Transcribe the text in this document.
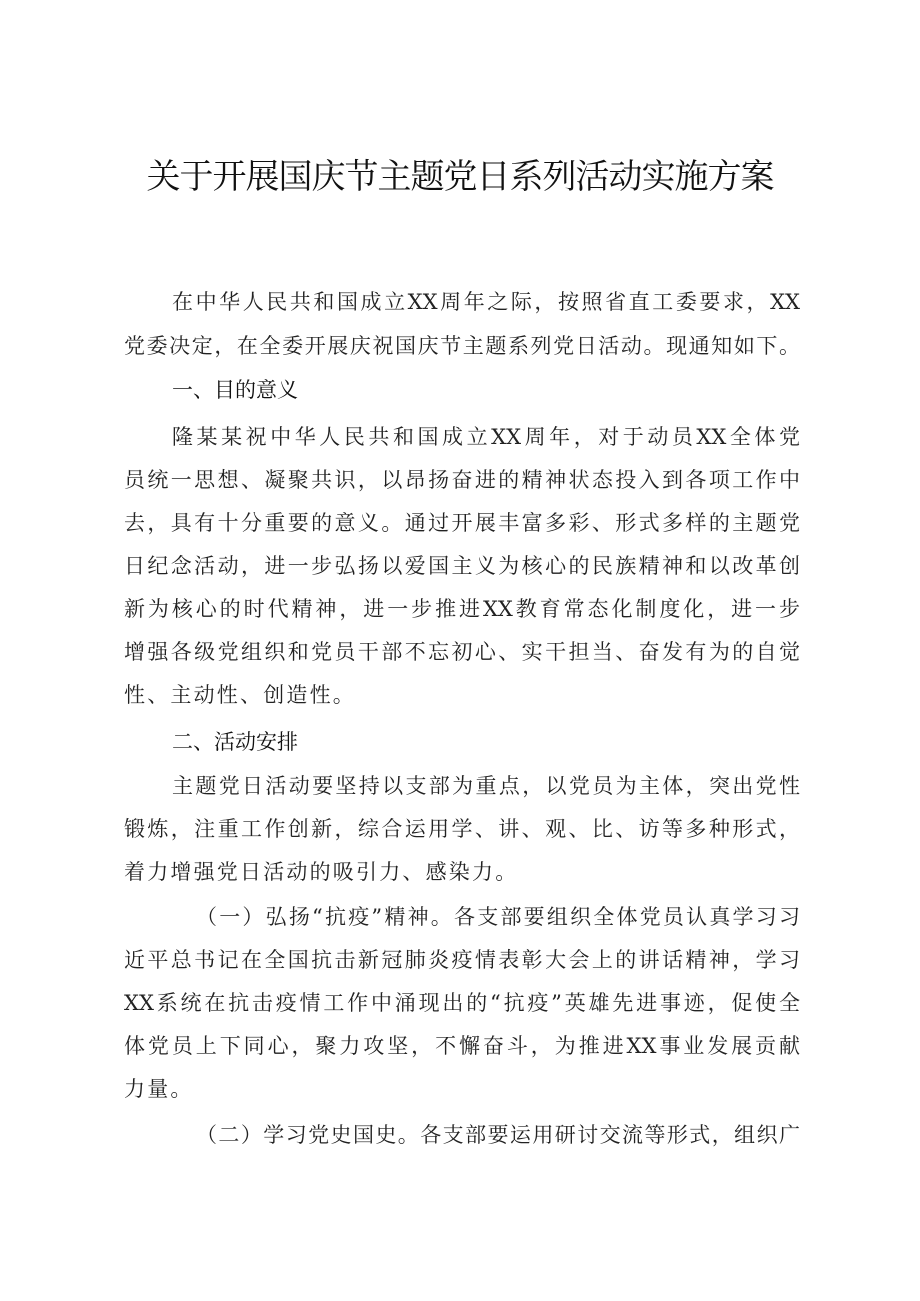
关于开展国庆节主题党日系列活动实施方案
在中华人民共和国成立XX周年之际，按照省直工委要求，XX
党委决定，在全委开展庆祝国庆节主题系列党日活动。现通知如下。
一、目的意义
隆某某祝中华人民共和国成立XX周年，对于动员XX全体党
员统一思想、凝聚共识，以昂扬奋进的精神状态投入到各项工作中
去，具有十分重要的意义。通过开展丰富多彩、形式多样的主题党
日纪念活动，进一步弘扬以爱国主义为核心的民族精神和以改革创
新为核心的时代精神，进一步推进XX教育常态化制度化，进一步
增强各级党组织和党员干部不忘初心、实干担当、奋发有为的自觉
性、主动性、创造性。
二、活动安排
主题党日活动要坚持以支部为重点，以党员为主体，突出党性
锻炼，注重工作创新，综合运用学、讲、观、比、访等多种形式，
着力增强党日活动的吸引力、感染力。
（一）弘扬“抗疫”精神。各支部要组织全体党员认真学习习
近平总书记在全国抗击新冠肺炎疫情表彰大会上的讲话精神，学习
XX系统在抗击疫情工作中涌现出的“抗疫”英雄先进事迹，促使全
体党员上下同心，聚力攻坚，不懈奋斗，为推进XX事业发展贡献
力量。
（二）学习党史国史。各支部要运用研讨交流等形式，组织广
